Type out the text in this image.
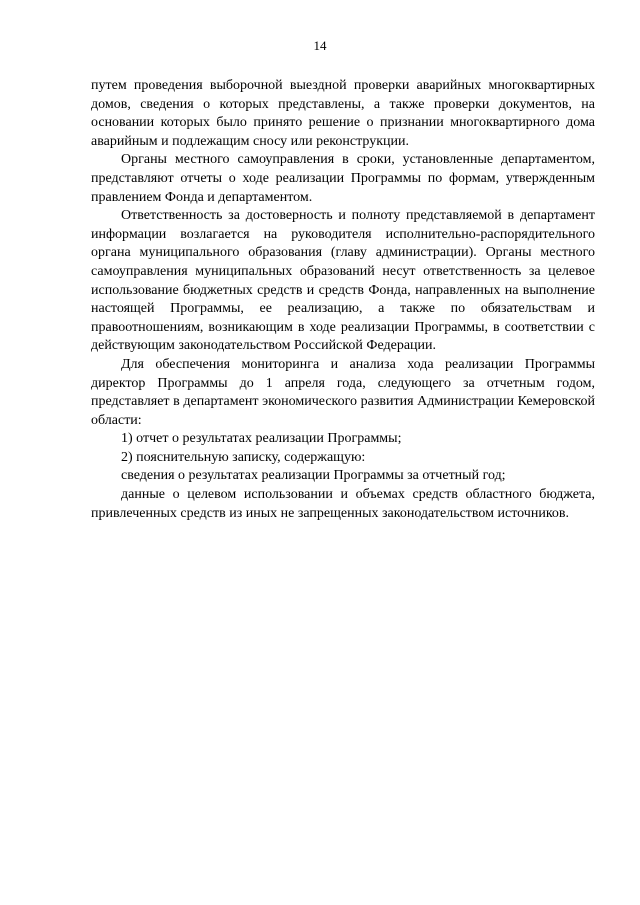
14

путем проведения выборочной выездной проверки аварийных многоквартирных домов, сведения о которых представлены, а также проверки документов, на основании которых было принято решение о признании многоквартирного дома аварийным и подлежащим сносу или реконструкции.

Органы местного самоуправления в сроки, установленные департаментом, представляют отчеты о ходе реализации Программы по формам, утвержденным правлением Фонда и департаментом.

Ответственность за достоверность и полноту представляемой в департамент информации возлагается на руководителя исполнительно-распорядительного органа муниципального образования (главу администрации). Органы местного самоуправления муниципальных образований несут ответственность за целевое использование бюджетных средств и средств Фонда, направленных на выполнение настоящей Программы, ее реализацию, а также по обязательствам и правоотношениям, возникающим в ходе реализации Программы, в соответствии с действующим законодательством Российской Федерации.

Для обеспечения мониторинга и анализа хода реализации Программы директор Программы до 1 апреля года, следующего за отчетным годом, представляет в департамент экономического развития Администрации Кемеровской области:

1) отчет о результатах реализации Программы;

2) пояснительную записку, содержащую:

сведения о результатах реализации Программы за отчетный год;

данные о целевом использовании и объемах средств областного бюджета, привлеченных средств из иных не запрещенных законодательством источников.
